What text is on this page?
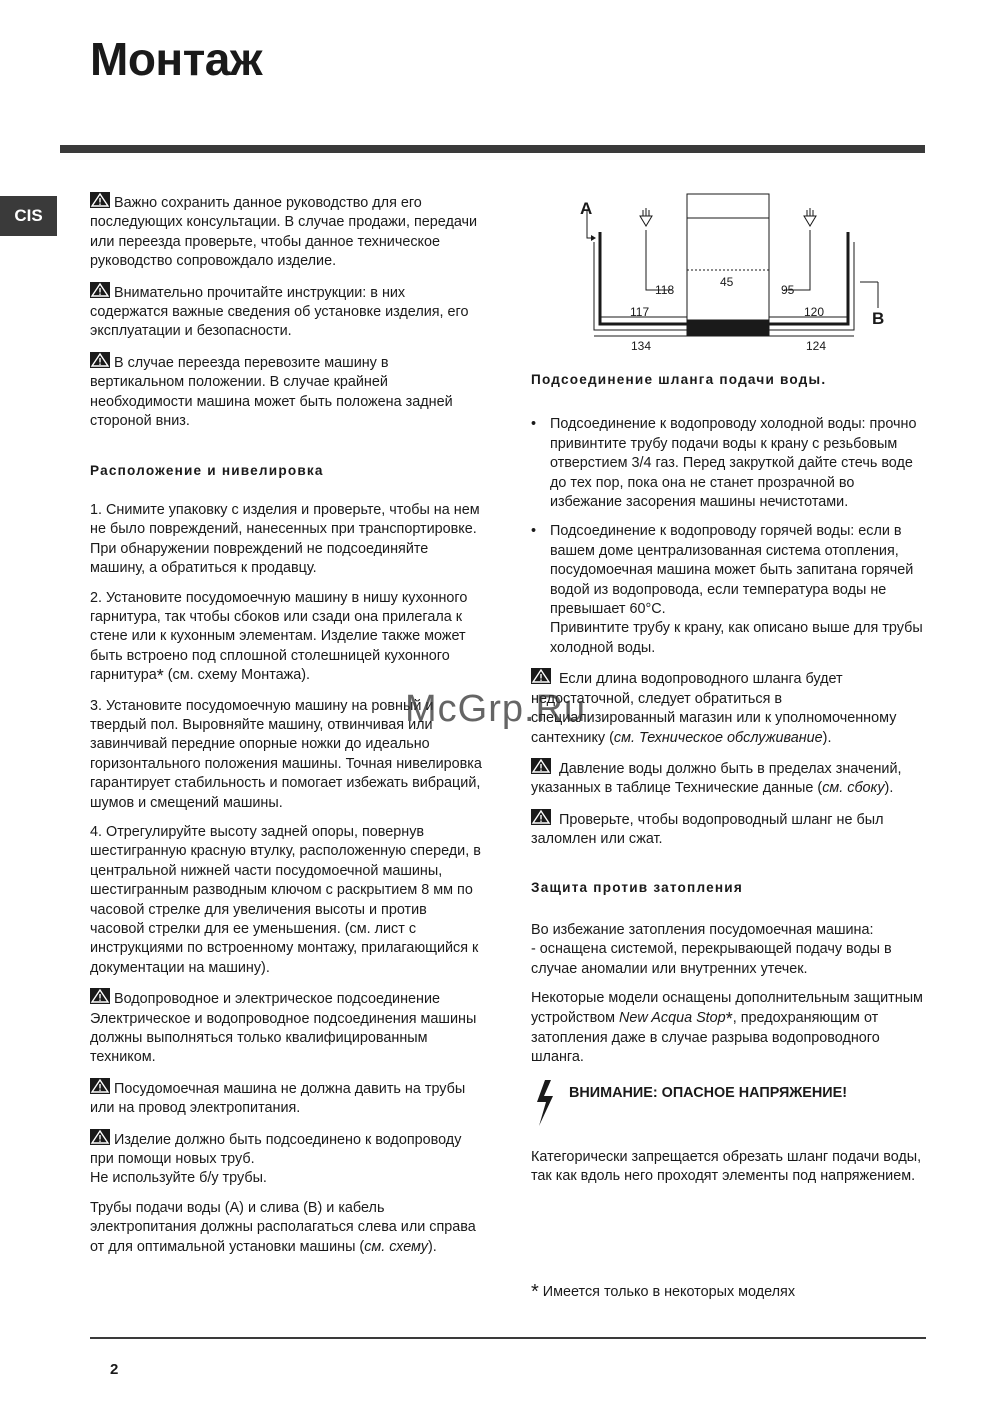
Монтаж
CIS

Важно сохранить данное руководство для его последующих консультации. В случае продажи, передачи или переезда проверьте, чтобы данное техническое руководство сопровождало изделие.

Внимательно прочитайте инструкции: в них содержатся важные сведения об установке изделия, его эксплуатации и безопасности.

В случае переезда перевозите машину в вертикальном положении. В случае крайней необходимости машина может быть положена задней стороной вниз.

Расположение и нивелировка

1. Снимите упаковку с изделия и проверьте, чтобы на нем не было повреждений, нанесенных при транспортировке.
При обнаружении повреждений не подсоединяйте машину, а обратиться к продавцу.

2. Установите посудомоечную машину в нишу кухонного гарнитура, так чтобы сбоков или сзади она прилегала к стене или к кухонным элементам. Изделие также может быть встроено под сплошной столешницей кухонного гарнитура* (см. схему Монтажа).

3. Установите посудомоечную машину на ровный и твердый пол. Выровняйте машину, отвинчивая или завинчивай передние опорные ножки до идеально горизонтального положения машины. Точная нивелировка гарантирует стабильность и помогает избежать вибраций, шумов и смещений машины.

4. Отрегулируйте высоту задней опоры, повернув шестигранную красную втулку, расположенную спереди, в центральной нижней части посудомоечной машины, шестигранным разводным ключом с раскрытием 8 мм по часовой стрелке для увеличения высоты и против часовой стрелки для ее уменьшения. (см. лист с инструкциями по встроенному монтажу, прилагающийся к документации на машину).

Водопроводное и электрическое подсоединение Электрическое и водопроводное подсоединения машины должны выполняться только квалифицированным техником.

Посудомоечная машина не должна давить на трубы или на провод электропитания.

Изделие должно быть подсоединено к водопроводу при помощи новых труб.
Не используйте б/у трубы.

Трубы подачи воды (А) и слива (В) и кабель электропитания должны располагаться слева или справа от для оптимальной установки машины (см. схему).

A
B
45
118	95
117	120
134	124
Подсоединение шланга подачи воды.
• Подсоединение к водопроводу холодной воды: прочно привинтите трубу подачи воды к крану с резьбовым отверстием 3/4 газ. Перед закруткой дайте стечь воде до тех пор, пока она не станет прозрачной во избежание засорения машины нечистотами.
• Подсоединение к водопроводу горячей воды: если в вашем доме централизованная система отопления, посудомоечная машина может быть запитана горячей водой из водопровода, если температура воды не превышает 60°С.
Привинтите трубу к крану, как описано выше для трубы холодной воды.

Если длина водопроводного шланга будет недостаточной, следует обратиться в специализированный магазин или к уполномоченному сантехнику (см. Техническое обслуживание).

Давление воды должно быть в пределах значений, указанных в таблице Технические данные (см. сбоку).

Проверьте, чтобы водопроводный шланг не был заломлен или сжат.

Защита против затопления

Во избежание затопления посудомоечная машина:
- оснащена системой, перекрывающей подачу воды в случае аномалии или внутренних утечек.

Некоторые модели оснащены дополнительным защитным устройством New Acqua Stop*, предохраняющим от затопления даже в случае разрыва водопроводного шланга.

ВНИМАНИЕ: ОПАСНОЕ НАПРЯЖЕНИЕ!

Категорически запрещается обрезать шланг подачи воды, так как вдоль него проходят элементы под напряжением.

* Имеется только в некоторых моделях
2
McGrp.Ru
